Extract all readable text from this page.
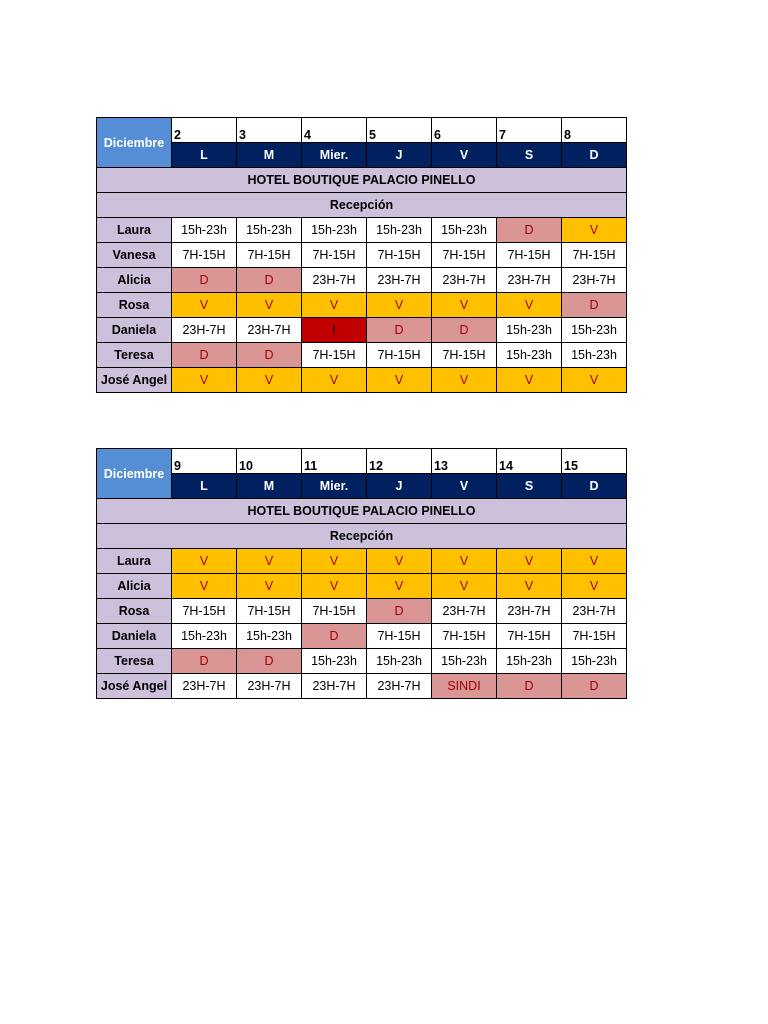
Diciembre	2	3	4	5	6	7	8
	L	M	Mier.	J	V	S	D
HOTEL BOUTIQUE PALACIO PINELLO							
Recepción							
Laura	15h-23h	15h-23h	15h-23h	15h-23h	15h-23h	D	V
Vanesa	7H-15H	7H-15H	7H-15H	7H-15H	7H-15H	7H-15H	7H-15H
Alicia	D	D	23H-7H	23H-7H	23H-7H	23H-7H	23H-7H
Rosa	V	V	V	V	V	V	D
Daniela	23H-7H	23H-7H	I	D	D	15h-23h	15h-23h
Teresa	D	D	7H-15H	7H-15H	7H-15H	15h-23h	15h-23h
José Angel	V	V	V	V	V	V	V
Diciembre	9	10	11	12	13	14	15
	L	M	Mier.	J	V	S	D
HOTEL BOUTIQUE PALACIO PINELLO							
Recepción							
Laura	V	V	V	V	V	V	V
Alicia	V	V	V	V	V	V	V
Rosa	7H-15H	7H-15H	7H-15H	D	23H-7H	23H-7H	23H-7H
Daniela	15h-23h	15h-23h	D	7H-15H	7H-15H	7H-15H	7H-15H
Teresa	D	D	15h-23h	15h-23h	15h-23h	15h-23h	15h-23h
José Angel	23H-7H	23H-7H	23H-7H	23H-7H	SINDI	D	D
